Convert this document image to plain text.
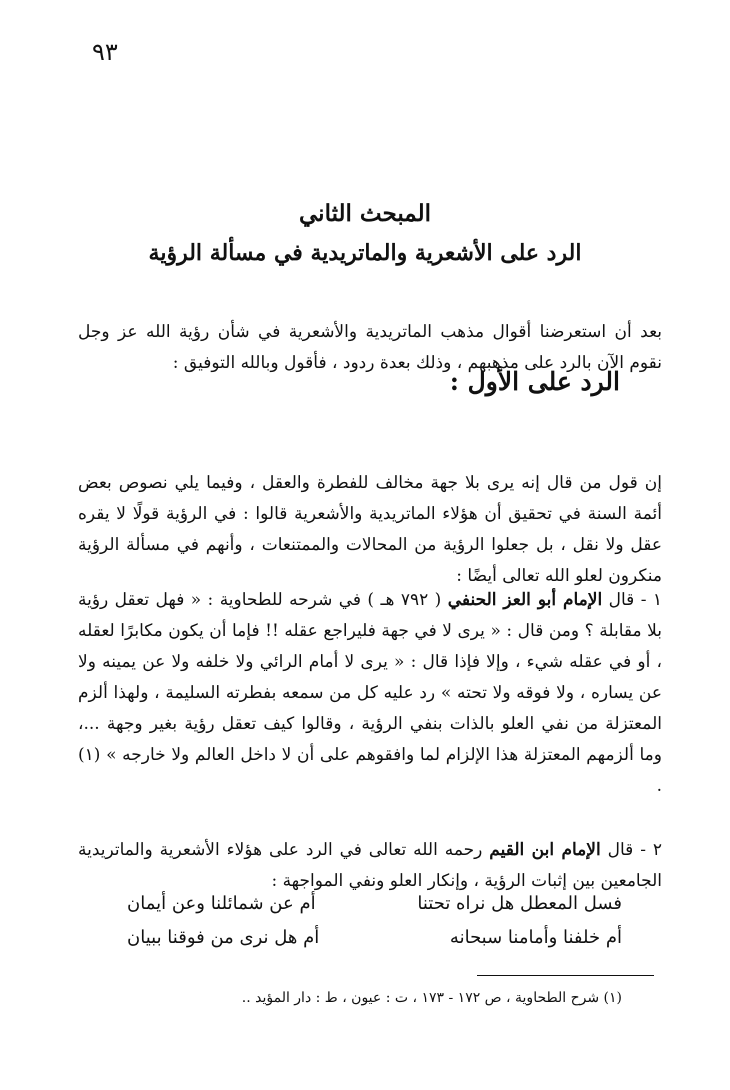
٩٣
المبحث الثاني
الرد على الأشعرية والماتريدية في مسألة الرؤية

بعد أن استعرضنا أقوال مذهب الماتريدية والأشعرية في شأن رؤية الله عز وجل نقوم الآن بالرد على مذهبهم ، وذلك بعدة ردود ، فأقول وبالله التوفيق :

الرد على الأول :

إن قول من قال إنه يرى بلا جهة مخالف للفطرة والعقل ، وفيما يلي نصوص بعض أئمة السنة في تحقيق أن هؤلاء الماتريدية والأشعرية قالوا : في الرؤية قولًا لا يقره عقل ولا نقل ، بل جعلوا الرؤية من المحالات والممتنعات ، وأنهم في مسألة الرؤية منكرون لعلو الله تعالى أيضًا :

١ - قال الإمام أبو العز الحنفي ( ٧٩٢ هـ ) في شرحه للطحاوية : « فهل تعقل رؤية بلا مقابلة ؟ ومن قال : « يرى لا في جهة فليراجع عقله !! فإما أن يكون مكابرًا لعقله ، أو في عقله شيء ، وإلا فإذا قال : « يرى لا أمام الرائي ولا خلفه ولا عن يمينه ولا عن يساره ، ولا فوقه ولا تحته » رد عليه كل من سمعه بفطرته السليمة ، ولهذا ألزم المعتزلة من نفي العلو بالذات بنفي الرؤية ، وقالوا كيف تعقل رؤية بغير وجهة ...، وما ألزمهم المعتزلة هذا الإلزام لما وافقوهم على أن لا داخل العالم ولا خارجه » (١) .

٢ - قال الإمام ابن القيم رحمه الله تعالى في الرد على هؤلاء الأشعرية والماتريدية الجامعين بين إثبات الرؤية ، وإنكار العلو ونفي المواجهة :

فسل المعطل هل نراه تحتنا
أم عن شمائلنا وعن أيمان
أم خلفنا وأمامنا سبحانه
أم هل نرى من فوقنا ببيان
(١) شرح الطحاوية ، ص ١٧٢ - ١٧٣ ، ت : عيون ، ط : دار المؤيد ..
